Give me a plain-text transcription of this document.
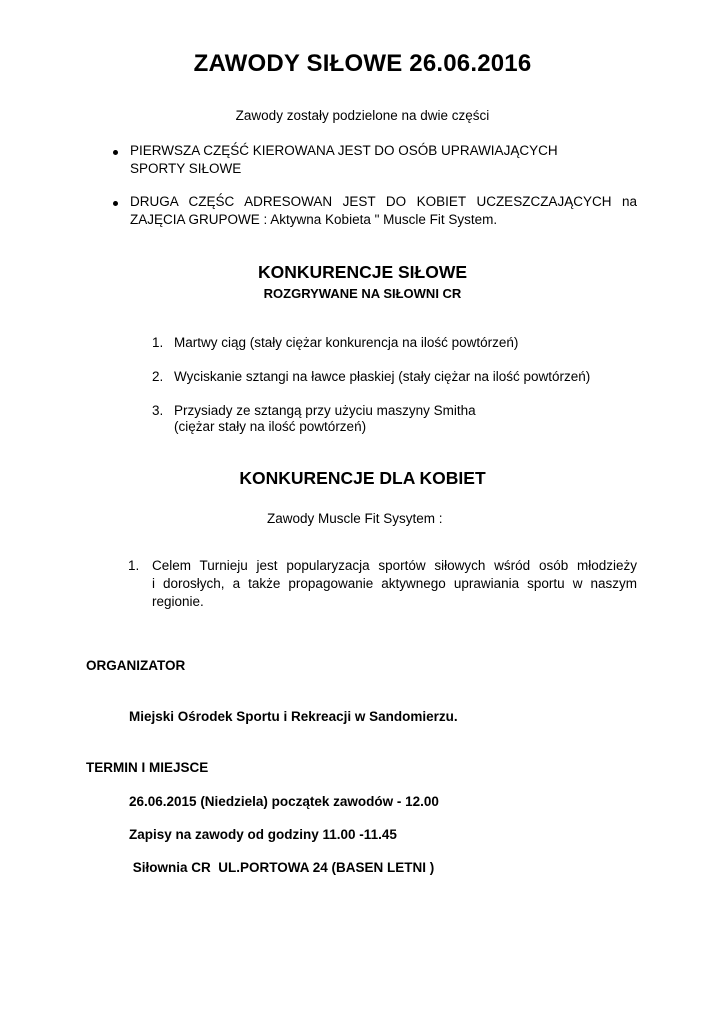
ZAWODY SIŁOWE 26.06.2016
Zawody zostały podzielone na dwie części
PIERWSZA CZĘŚĆ KIEROWANA JEST DO OSÓB UPRAWIAJĄCYCH
SPORTY SIŁOWE
DRUGA CZĘŚC ADRESOWAN JEST DO KOBIET UCZESZCZAJĄCYCH na
ZAJĘCIA GRUPOWE : Aktywna Kobieta " Muscle Fit System.
KONKURENCJE SIŁOWE
ROZGRYWANE NA SIŁOWNI CR
1. Martwy ciąg (stały ciężar konkurencja na ilość powtórzeń)
2. Wyciskanie sztangi na ławce płaskiej (stały ciężar na ilość powtórzeń)
3. Przysiady ze sztangą przy użyciu maszyny Smitha
(ciężar stały na ilość powtórzeń)
KONKURENCJE DLA KOBIET
Zawody Muscle Fit Sysytem :
1. Celem Turnieju jest popularyzacja sportów siłowych wśród osób młodzieży
i dorosłych, a także propagowanie aktywnego uprawiania sportu w naszym
regionie.
ORGANIZATOR
Miejski Ośrodek Sportu i Rekreacji w Sandomierzu.
TERMIN I MIEJSCE
26.06.2015 (Niedziela) początek zawodów - 12.00
Zapisy na zawody od godziny 11.00 -11.45
Siłownia CR  UL.PORTOWA 24 (BASEN LETNI )
